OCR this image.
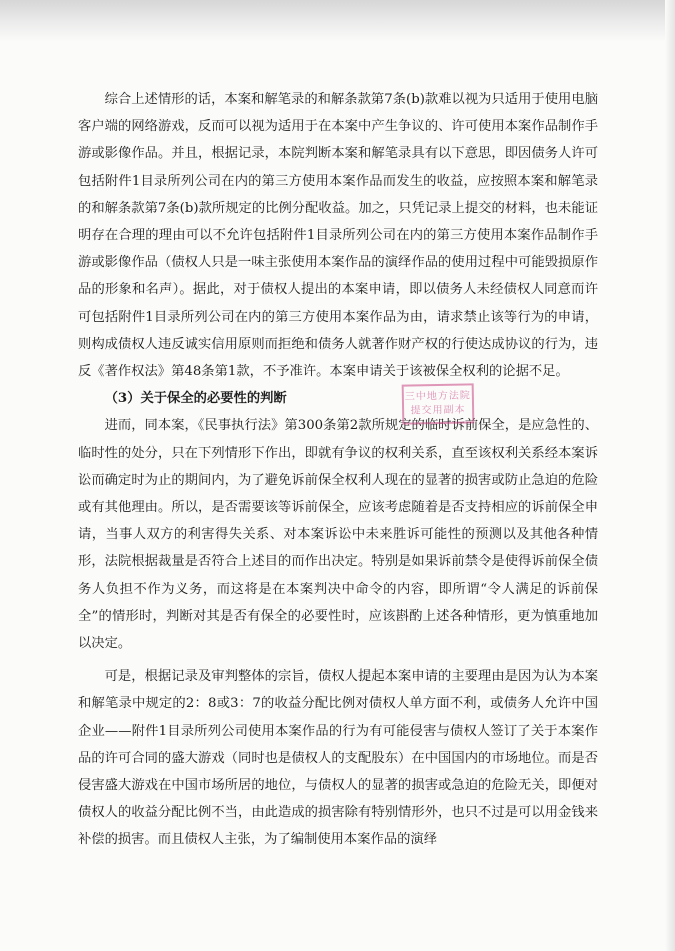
综合上述情形的话，本案和解笔录的和解条款第7条(b)款难以视为只适用于使用电脑客户端的网络游戏，反而可以视为适用于在本案中产生争议的、许可使用本案作品制作手游或影像作品。并且，根据记录，本院判断本案和解笔录具有以下意思，即因债务人许可包括附件1目录所列公司在内的第三方使用本案作品而发生的收益，应按照本案和解笔录的和解条款第7条(b)款所规定的比例分配收益。加之，只凭记录上提交的材料，也未能证明存在合理的理由可以不允许包括附件1目录所列公司在内的第三方使用本案作品制作手游或影像作品（债权人只是一味主张使用本案作品的演绎作品的使用过程中可能毁损原作品的形象和名声）。据此，对于债权人提出的本案申请，即以债务人未经债权人同意而许可包括附件1目录所列公司在内的第三方使用本案作品为由，请求禁止该等行为的申请，则构成债权人违反诚实信用原则而拒绝和债务人就著作财产权的行使达成协议的行为，违反《著作权法》第48条第1款，不予准许。本案申请关于该被保全权利的论据不足。

（3）关于保全的必要性的判断

进而，同本案，《民事执行法》第300条第2款所规定的临时诉前保全，是应急性的、临时性的处分，只在下列情形下作出，即就有争议的权利关系，直至该权利关系经本案诉讼而确定时为止的期间内，为了避免诉前保全权利人现在的显著的损害或防止急迫的危险或有其他理由。所以，是否需要该等诉前保全，应该考虑随着是否支持相应的诉前保全申请，当事人双方的利害得失关系、对本案诉讼中未来胜诉可能性的预测以及其他各种情形，法院根据裁量是否符合上述目的而作出决定。特别是如果诉前禁令是使得诉前保全债务人负担不作为义务，而这将是在本案判决中命令的内容，即所谓“令人满足的诉前保全”的情形时，判断对其是否有保全的必要性时，应该斟酌上述各种情形，更为慎重地加以决定。

可是，根据记录及审判整体的宗旨，债权人提起本案申请的主要理由是因为认为本案和解笔录中规定的2：8或3：7的收益分配比例对债权人单方面不利，或债务人允许中国企业——附件1目录所列公司使用本案作品的行为有可能侵害与债权人签订了关于本案作品的许可合同的盛大游戏（同时也是债权人的支配股东）在中国国内的市场地位。而是否侵害盛大游戏在中国市场所居的地位，与债权人的显著的损害或急迫的危险无关，即便对债权人的收益分配比例不当，由此造成的损害除有特别情形外，也只不过是可以用金钱来补偿的损害。而且债权人主张，为了编制使用本案作品的演绎

三中地方法院
提交用副本
